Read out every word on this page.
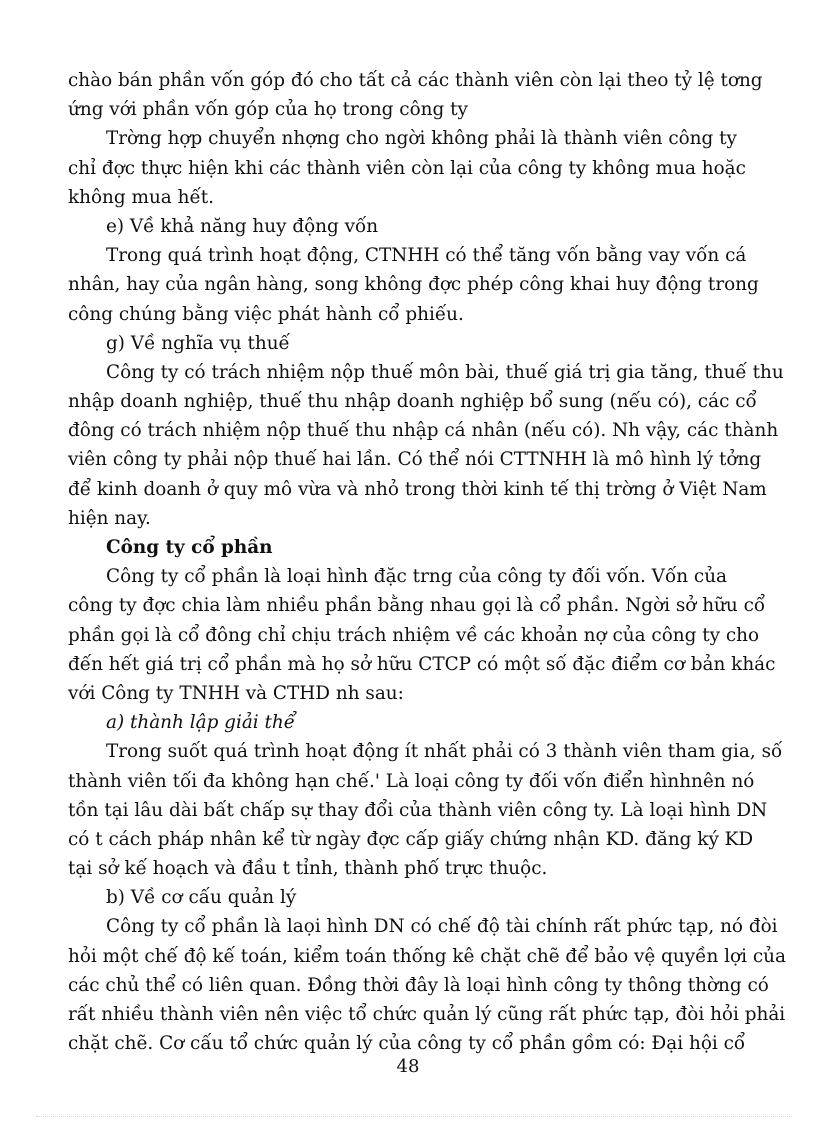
chào bán phần vốn góp đó cho tất cả các thành viên còn lại theo tỷ lệ tơng
ứng với phần vốn góp của họ trong công ty
Trờng hợp chuyển nhợng cho ngời không phải là thành viên công ty
chỉ đợc thực hiện khi các thành viên còn lại của công ty không mua hoặc
không mua hết.
e) Về khả năng huy động vốn
Trong quá trình hoạt động, CTNHH có thể tăng vốn bằng vay vốn cá
nhân, hay của ngân hàng, song không đợc phép công khai huy động trong
công chúng bằng việc phát hành cổ phiếu.
g) Về nghĩa vụ thuế
Công ty có trách nhiệm nộp thuế môn bài, thuế giá trị gia tăng, thuế thu
nhập doanh nghiệp, thuế thu nhập doanh nghiệp bổ sung (nếu có), các cổ
đông có trách nhiệm nộp thuế thu nhập cá nhân (nếu có). Nh vậy, các thành
viên công ty phải nộp thuế hai lần. Có thể nói CTTNHH là mô hình lý tởng
để kinh doanh ở quy mô vừa và nhỏ trong thời kinh tế thị trờng ở Việt Nam
hiện nay.
Công ty cổ phần
Công ty cổ phần là loại hình đặc trng của công ty đối vốn. Vốn của
công ty đợc chia làm nhiều phần bằng nhau gọi là cổ phần. Ngời sở hữu cổ
phần gọi là cổ đông chỉ chịu trách nhiệm về các khoản nợ của công ty cho
đến hết giá trị cổ phần mà họ sở hữu CTCP có một số đặc điểm cơ bản khác
với Công ty TNHH và CTHD nh sau:
a) thành lập giải thể
Trong suốt quá trình hoạt động ít nhất phải có 3 thành viên tham gia, số
thành viên tối đa không hạn chế.' Là loại công ty đối vốn điển hìnhnên nó
tồn tại lâu dài bất chấp sự thay đổi của thành viên công ty. Là loại hình DN
có t cách pháp nhân kể từ ngày đợc cấp giấy chứng nhận KD. đăng ký KD
tại sở kế hoạch và đầu t tỉnh, thành phố trực thuộc.
b) Về cơ cấu quản lý
Công ty cổ phần là laọi hình DN có chế độ tài chính rất phức tạp, nó đòi
hỏi một chế độ kế toán, kiểm toán thống kê chặt chẽ để bảo vệ quyền lợi của
các chủ thể có liên quan. Đồng thời đây là loại hình công ty thông thờng có
rất nhiều thành viên nên việc tổ chức quản lý cũng rất phức tạp, đòi hỏi phải
chặt chẽ. Cơ cấu tổ chức quản lý của công ty cổ phần gồm có: Đại hội cổ
48
